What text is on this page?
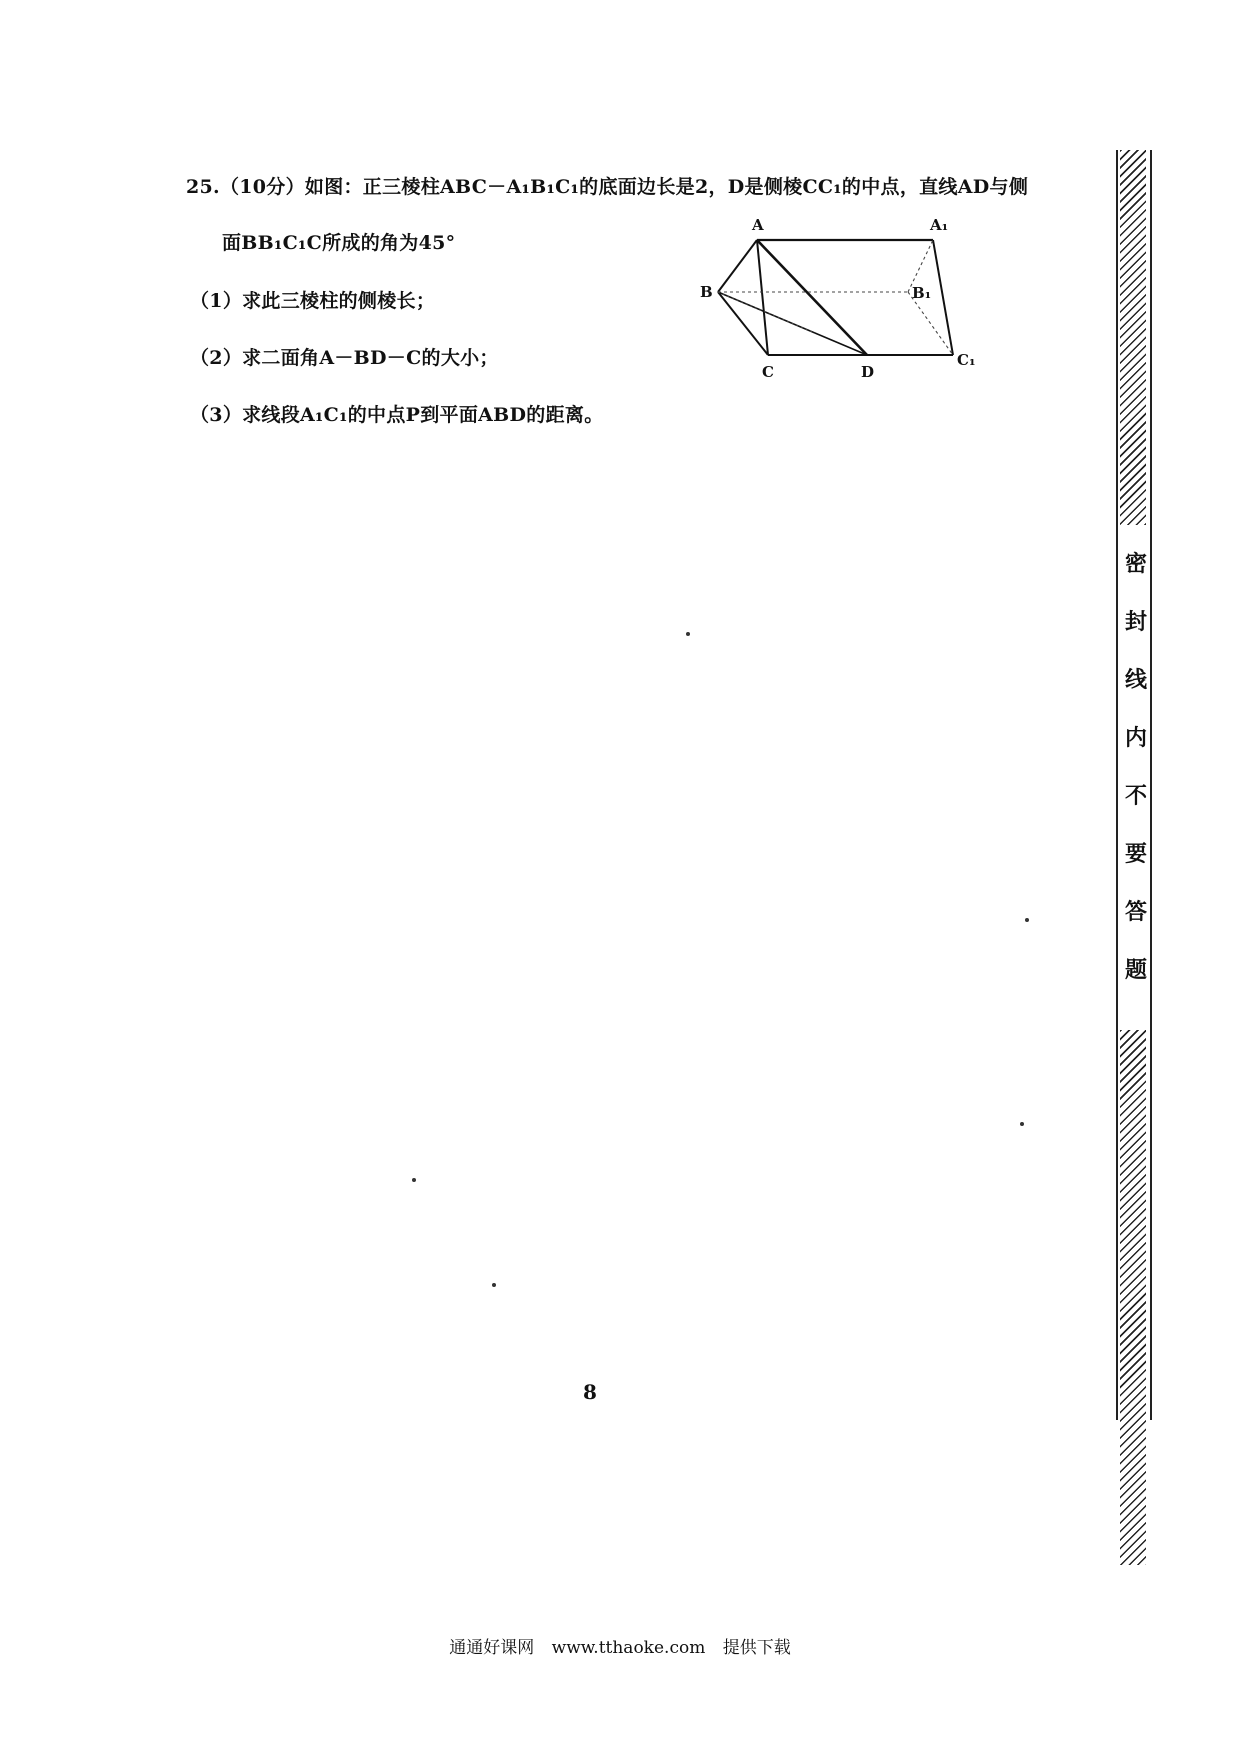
25.（10分）如图：正三棱柱ABC－A₁B₁C₁的底面边长是2，D是侧棱CC₁的中点，直线AD与侧
面BB₁C₁C所成的角为45°
（1）求此三棱柱的侧棱长；
（2）求二面角A－BD－C的大小；
（3）求线段A₁C₁的中点P到平面ABD的距离。
A	A₁
B	B₁
C
C₁
D
8
密
封
线
内
不
要
答
题
通通好课网 www.tthaoke.com 提供下载
